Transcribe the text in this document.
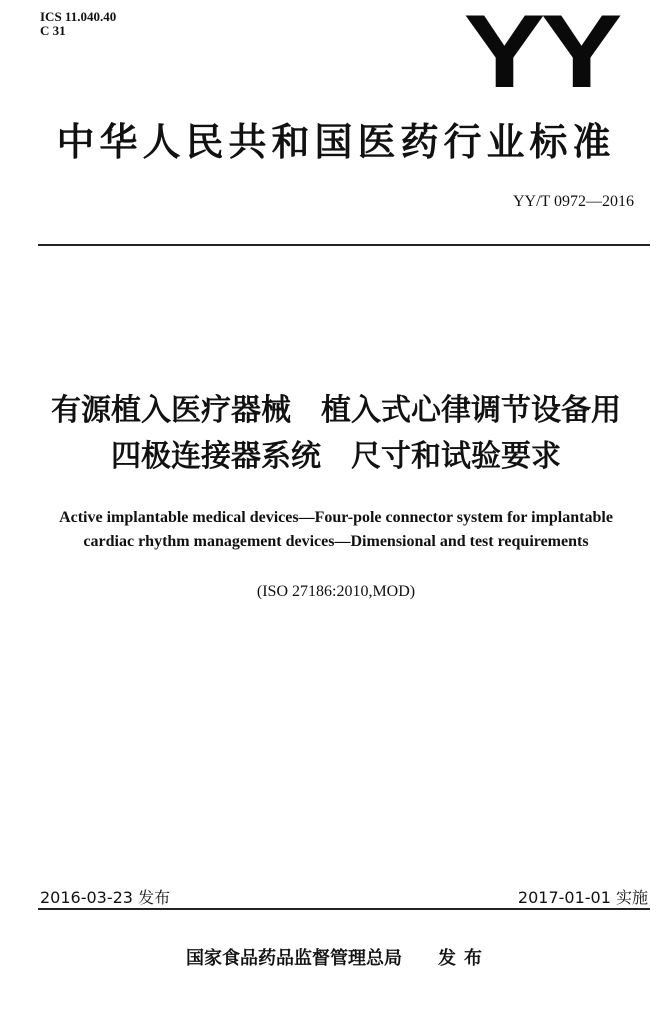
ICS 11.040.40
C 31	YY
中华人民共和国医药行业标准
YY/T 0972—2016
有源植入医疗器械　植入式心律调节设备用
四极连接器系统　尺寸和试验要求
Active implantable medical devices—Four-pole connector system for implantable
cardiac rhythm management devices—Dimensional and test requirements
(ISO 27186:2010,MOD)
2016-03-23 发布	2017-01-01 实施
国家食品药品监督管理总局 发布
